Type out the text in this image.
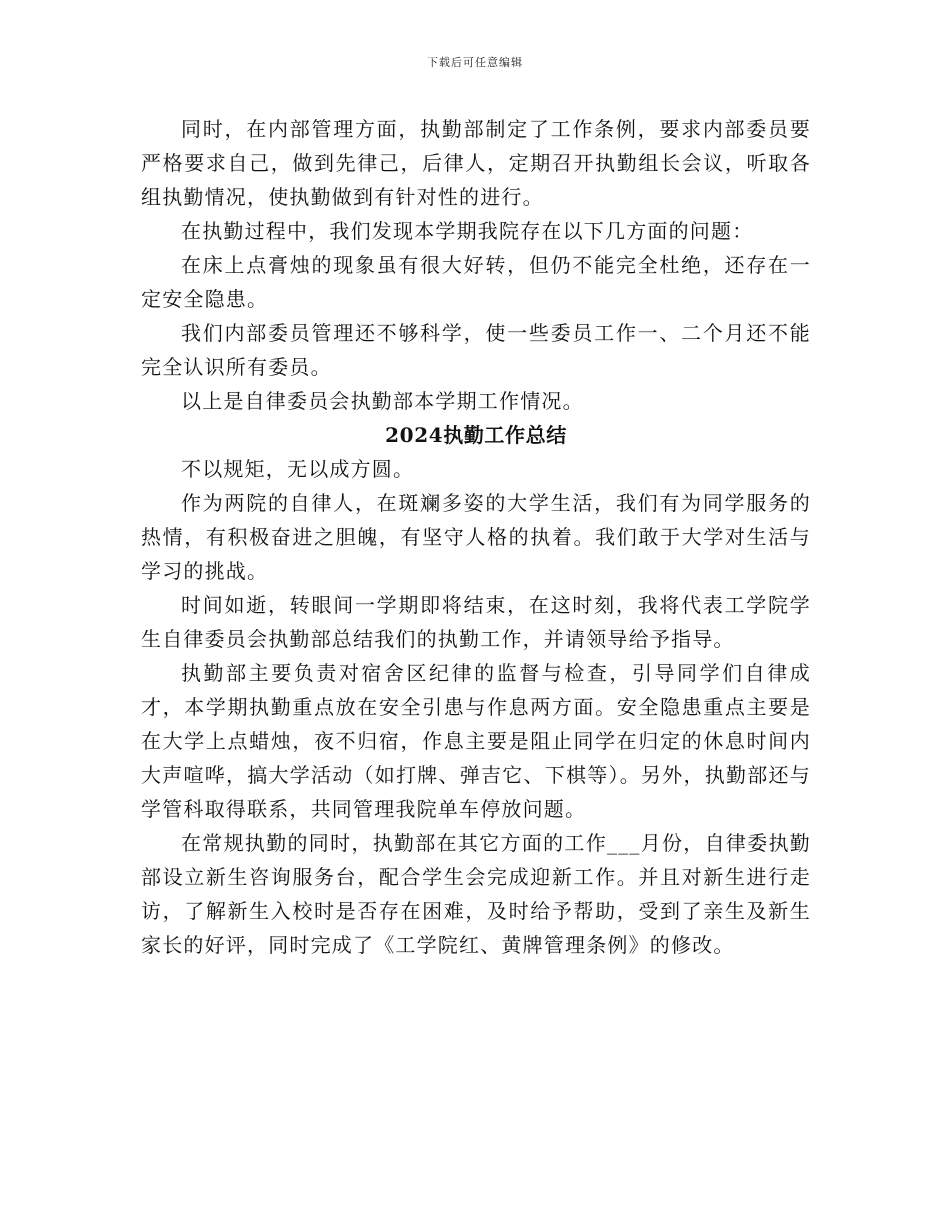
下载后可任意编辑

同时，在内部管理方面，执勤部制定了工作条例，要求内部委员要严格要求自己，做到先律己，后律人，定期召开执勤组长会议，听取各组执勤情况，使执勤做到有针对性的进行。

在执勤过程中，我们发现本学期我院存在以下几方面的问题：

在床上点膏烛的现象虽有很大好转，但仍不能完全杜绝，还存在一定安全隐患。

我们内部委员管理还不够科学，使一些委员工作一、二个月还不能完全认识所有委员。

以上是自律委员会执勤部本学期工作情况。

2024执勤工作总结

不以规矩，无以成方圆。

作为两院的自律人，在斑斓多姿的大学生活，我们有为同学服务的热情，有积极奋进之胆魄，有坚守人格的执着。我们敢于大学对生活与学习的挑战。

时间如逝，转眼间一学期即将结束，在这时刻，我将代表工学院学生自律委员会执勤部总结我们的执勤工作，并请领导给予指导。

执勤部主要负责对宿舍区纪律的监督与检查，引导同学们自律成才，本学期执勤重点放在安全引患与作息两方面。安全隐患重点主要是在大学上点蜡烛，夜不归宿，作息主要是阻止同学在归定的休息时间内大声喧哗，搞大学活动（如打牌、弹吉它、下棋等）。另外，执勤部还与学管科取得联系，共同管理我院单车停放问题。

在常规执勤的同时，执勤部在其它方面的工作___月份，自律委执勤部设立新生咨询服务台，配合学生会完成迎新工作。并且对新生进行走访，了解新生入校时是否存在困难，及时给予帮助，受到了亲生及新生家长的好评，同时完成了《工学院红、黄牌管理条例》的修改。
